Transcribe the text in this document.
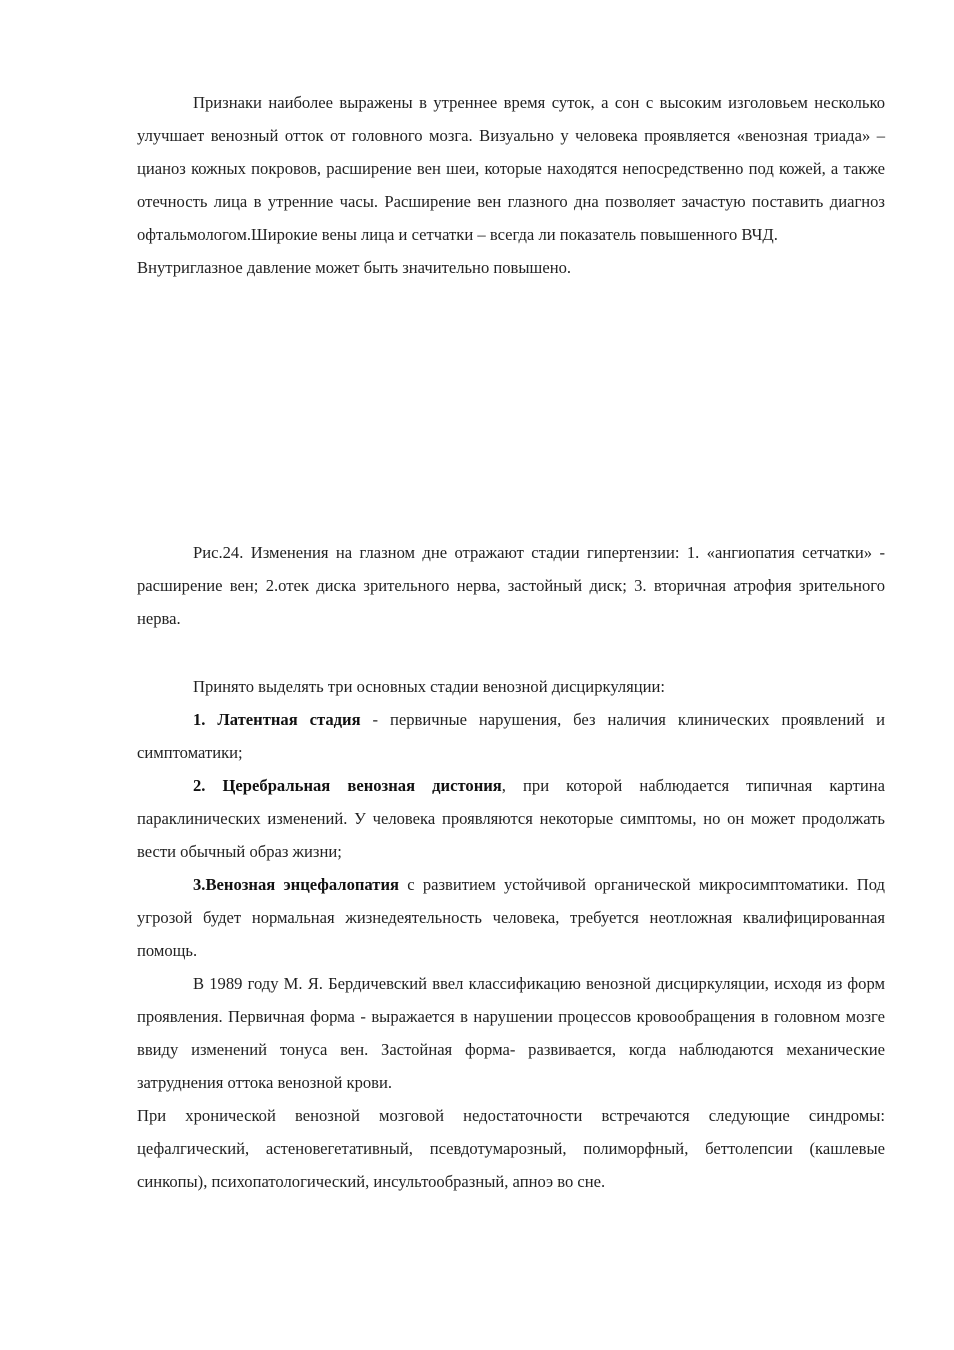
Признаки наиболее выражены в утреннее время суток, а сон с высоким изголовьем несколько улучшает венозный отток от головного мозга. Визуально у человека проявляется «венозная триада» – цианоз кожных покровов, расширение вен шеи, которые находятся непосредственно под кожей, а также отечность лица в утренние часы. Расширение вен глазного дна позволяет зачастую поставить диагноз офтальмологом.Широкие вены лица и сетчатки – всегда ли показатель повышенного ВЧД.

Внутриглазное давление может быть значительно повышено.

Рис.24. Изменения на глазном дне отражают стадии гипертензии: 1. «ангиопатия сетчатки» - расширение вен; 2.отек диска зрительного нерва, застойный диск; 3. вторичная атрофия зрительного нерва.

Принято выделять три основных стадии венозной дисциркуляции:

1. Латентная стадия - первичные нарушения, без наличия клинических проявлений и симптоматики;

2. Церебральная венозная дистония, при которой наблюдается типичная картина параклинических изменений. У человека проявляются некоторые симптомы, но он может продолжать вести обычный образ жизни;

3.Венозная энцефалопатия с развитием устойчивой органической микросимптоматики. Под угрозой будет нормальная жизнедеятельность человека, требуется неотложная квалифицированная помощь.

В 1989 году М. Я. Бердичевский ввел классификацию венозной дисциркуляции, исходя из форм проявления. Первичная форма - выражается в нарушении процессов кровообращения в головном мозге ввиду изменений тонуса вен. Застойная форма- развивается, когда наблюдаются механические затруднения оттока венозной крови.

При хронической венозной мозговой недостаточности встречаются следующие синдромы: цефалгический, астеновегетативный, псевдотумарозный, полиморфный, беттолепсии (кашлевые синкопы), психопатологический, инсультообразный, апноэ во сне.
